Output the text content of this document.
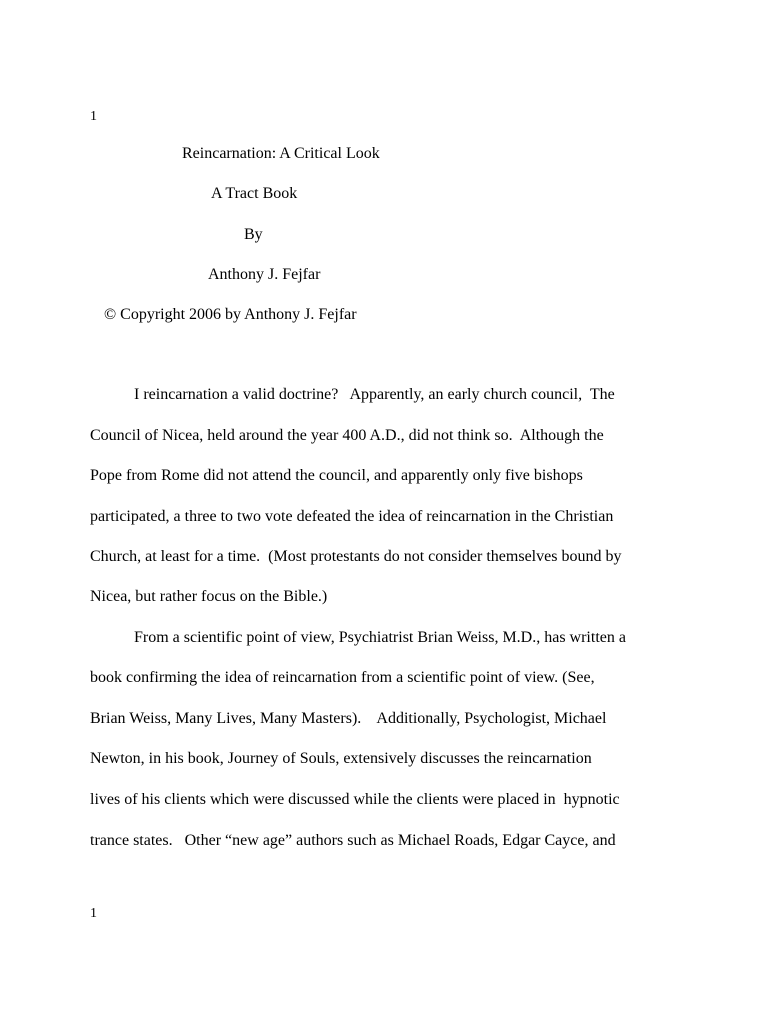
1
Reincarnation: A Critical Look
A Tract Book
By
Anthony J. Fejfar
© Copyright 2006 by Anthony J. Fejfar
I reincarnation a valid doctrine?   Apparently, an early church council,  The
Council of Nicea, held around the year 400 A.D., did not think so.  Although the
Pope from Rome did not attend the council, and apparently only five bishops
participated, a three to two vote defeated the idea of reincarnation in the Christian
Church, at least for a time.  (Most protestants do not consider themselves bound by
Nicea, but rather focus on the Bible.)
From a scientific point of view, Psychiatrist Brian Weiss, M.D., has written a
book confirming the idea of reincarnation from a scientific point of view. (See,
Brian Weiss, Many Lives, Many Masters).    Additionally, Psychologist, Michael
Newton, in his book, Journey of Souls, extensively discusses the reincarnation
lives of his clients which were discussed while the clients were placed in  hypnotic
trance states.   Other “new age” authors such as Michael Roads, Edgar Cayce, and
1
